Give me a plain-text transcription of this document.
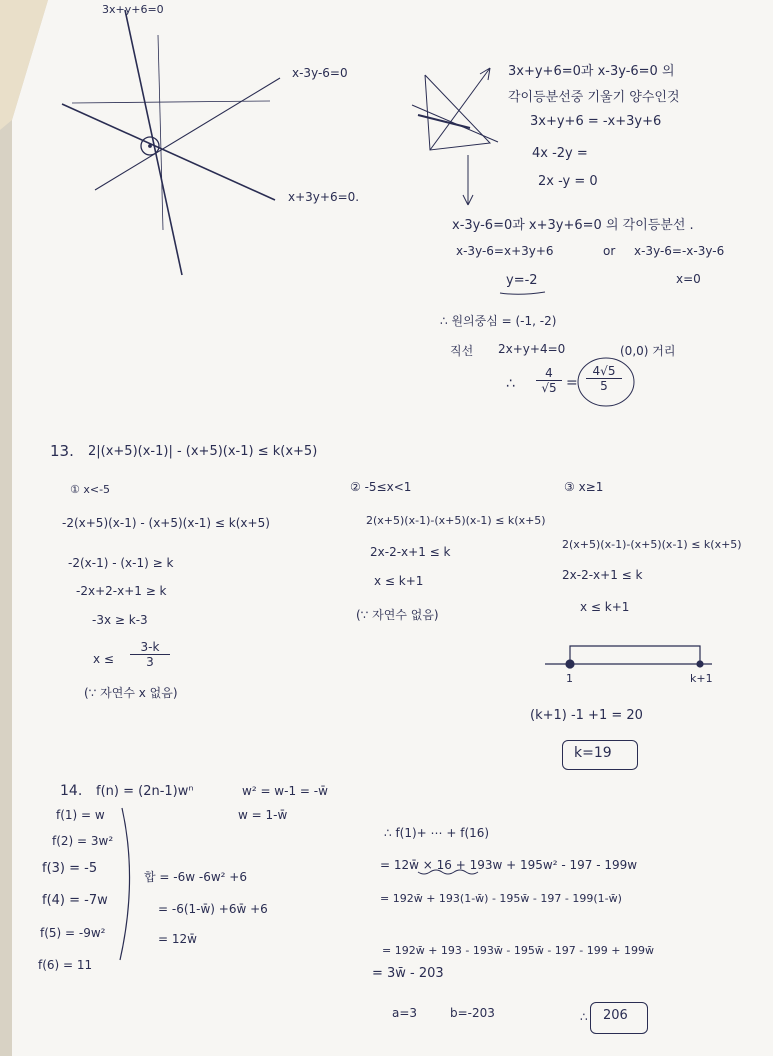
3x+y+6=0
x-3y-6=0
x+3y+6=0.
3x+y+6=0과 x-3y-6=0 의
각이등분선중 기울기 양수인것
3x+y+6 = -x+3y+6
4x -2y =
2x -y = 0
x-3y-6=0과 x+3y+6=0 의 각이등분선 .
x-3y-6=x+3y+6	or x-3y-6=-x-3y-6
y=-2	x=0
∴ 원의중심 = (-1, -2)
직선 2x+y+4=0	(0,0) 거리
∴ $\frac{4}{√5} = \frac{4√5}{5}$
13. 2|(x+5)(x-1)| - (x+5)(x-1) ≤ k(x+5)
① x<-5
-2(x+5)(x-1) - (x+5)(x-1) ≤ k(x+5)
-2(x-1) - (x-1) ≥ k
-2x+2-x+1 ≥ k
-3x ≥ k-3
$x \le \frac{3-k}{3}$
(∵ 자연수 x 없음)
② -5≤x<1
2(x+5)(x-1)-(x+5)(x-1) ≤ k(x+5)
2x-2-x+1 ≤ k
x ≤ k+1
(∵ 자연수 없음)
③ x≥1
2(x+5)(x-1)-(x+5)(x-1) ≤ k(x+5)
2x-2-x+1 ≤ k
x ≤ k+1
1	k+1
(k+1) -1 +1 = 20
k=19
14. f(n) = (2n-1)wⁿ	w² = w-1 = -w̄
w = 1-w̄
f(1) = w
f(2) = 3w²
f(3) = -5
f(4) = -7w
f(5) = -9w²
f(6) = 11
합 = -6w -6w² +6
= -6(1-w̄) +6w̄ +6
= 12w̄
∴ f(1)+ ⋯ + f(16)
= 12w̄ × 16 + 193w + 195w² - 197 - 199w
= 192w̄ + 193(1-w̄) - 195w̄ - 197 - 199(1-w̄)
= 192w̄ + 193 - 193w̄ - 195w̄ - 197 - 199 + 199w̄
= 3w̄ - 203
a=3	b=-203	∴ 206
